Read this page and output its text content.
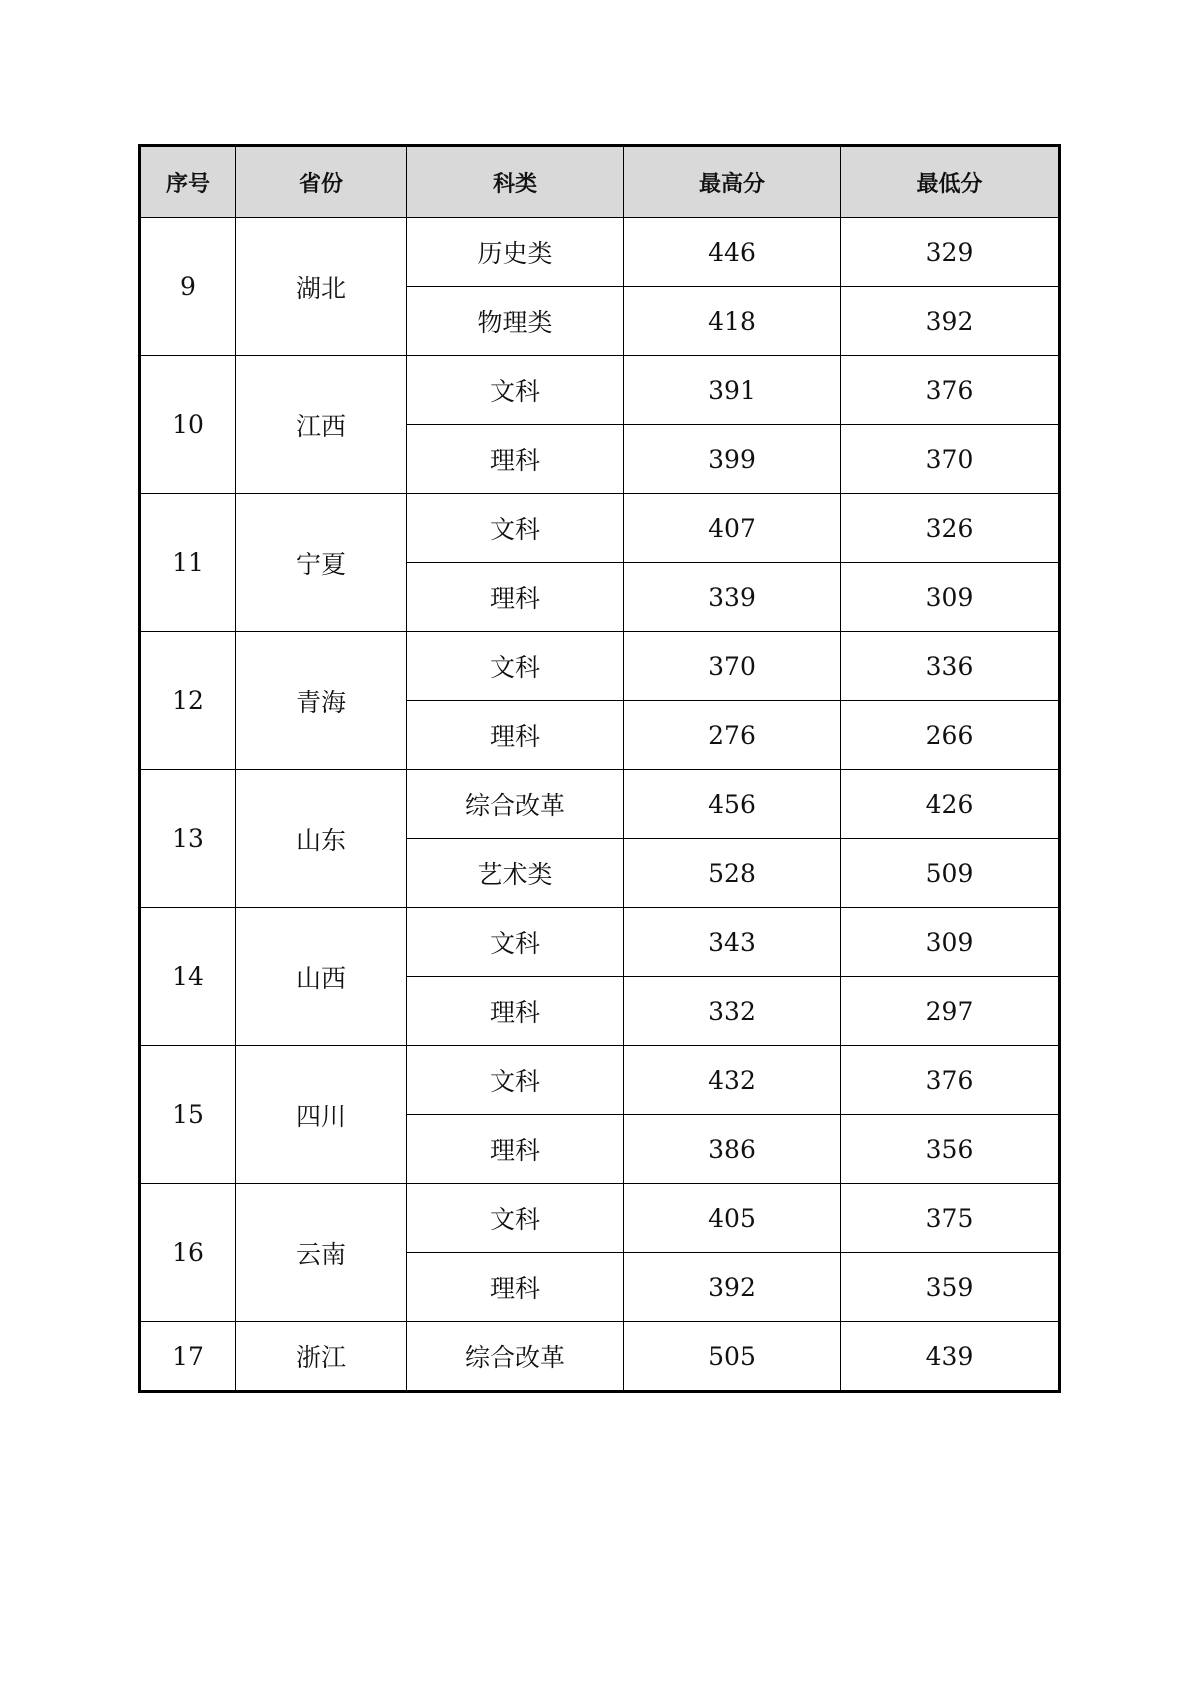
序号	省份	科类	最高分	最低分
9	湖北	历史类	446	329
		物理类	418	392
10	江西	文科	391	376
		理科	399	370
11	宁夏	文科	407	326
		理科	339	309
12	青海	文科	370	336
		理科	276	266
13	山东	综合改革	456	426
		艺术类	528	509
14	山西	文科	343	309
		理科	332	297
15	四川	文科	432	376
		理科	386	356
16	云南	文科	405	375
		理科	392	359
17	浙江	综合改革	505	439
